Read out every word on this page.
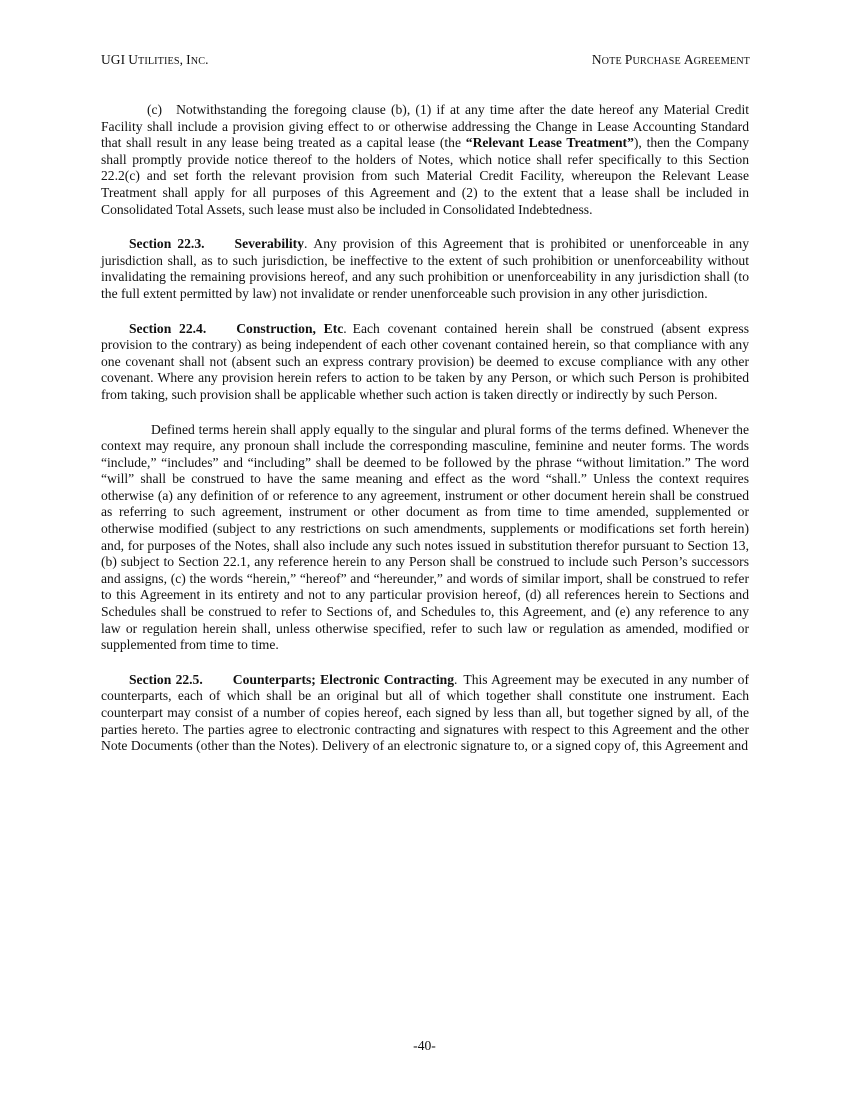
UGI UTILITIES, INC.	NOTE PURCHASE AGREEMENT

(c) Notwithstanding the foregoing clause (b), (1) if at any time after the date hereof any Material Credit Facility shall include a provision giving effect to or otherwise addressing the Change in Lease Accounting Standard that shall result in any lease being treated as a capital lease (the “Relevant Lease Treatment”), then the Company shall promptly provide notice thereof to the holders of Notes, which notice shall refer specifically to this Section 22.2(c) and set forth the relevant provision from such Material Credit Facility, whereupon the Relevant Lease Treatment shall apply for all purposes of this Agreement and (2) to the extent that a lease shall be included in Consolidated Total Assets, such lease must also be included in Consolidated Indebtedness.

Section 22.3. Severability. Any provision of this Agreement that is prohibited or unenforceable in any jurisdiction shall, as to such jurisdiction, be ineffective to the extent of such prohibition or unenforceability without invalidating the remaining provisions hereof, and any such prohibition or unenforceability in any jurisdiction shall (to the full extent permitted by law) not invalidate or render unenforceable such provision in any other jurisdiction.

Section 22.4. Construction, Etc. Each covenant contained herein shall be construed (absent express provision to the contrary) as being independent of each other covenant contained herein, so that compliance with any one covenant shall not (absent such an express contrary provision) be deemed to excuse compliance with any other covenant. Where any provision herein refers to action to be taken by any Person, or which such Person is prohibited from taking, such provision shall be applicable whether such action is taken directly or indirectly by such Person.

Defined terms herein shall apply equally to the singular and plural forms of the terms defined. Whenever the context may require, any pronoun shall include the corresponding masculine, feminine and neuter forms. The words “include,” “includes” and “including” shall be deemed to be followed by the phrase “without limitation.” The word “will” shall be construed to have the same meaning and effect as the word “shall.” Unless the context requires otherwise (a) any definition of or reference to any agreement, instrument or other document herein shall be construed as referring to such agreement, instrument or other document as from time to time amended, supplemented or otherwise modified (subject to any restrictions on such amendments, supplements or modifications set forth herein) and, for purposes of the Notes, shall also include any such notes issued in substitution therefor pursuant to Section 13, (b) subject to Section 22.1, any reference herein to any Person shall be construed to include such Person’s successors and assigns, (c) the words “herein,” “hereof” and “hereunder,” and words of similar import, shall be construed to refer to this Agreement in its entirety and not to any particular provision hereof, (d) all references herein to Sections and Schedules shall be construed to refer to Sections of, and Schedules to, this Agreement, and (e) any reference to any law or regulation herein shall, unless otherwise specified, refer to such law or regulation as amended, modified or supplemented from time to time.

Section 22.5. Counterparts; Electronic Contracting. This Agreement may be executed in any number of counterparts, each of which shall be an original but all of which together shall constitute one instrument. Each counterpart may consist of a number of copies hereof, each signed by less than all, but together signed by all, of the parties hereto. The parties agree to electronic contracting and signatures with respect to this Agreement and the other Note Documents (other than the Notes). Delivery of an electronic signature to, or a signed copy of, this Agreement and

-40-
